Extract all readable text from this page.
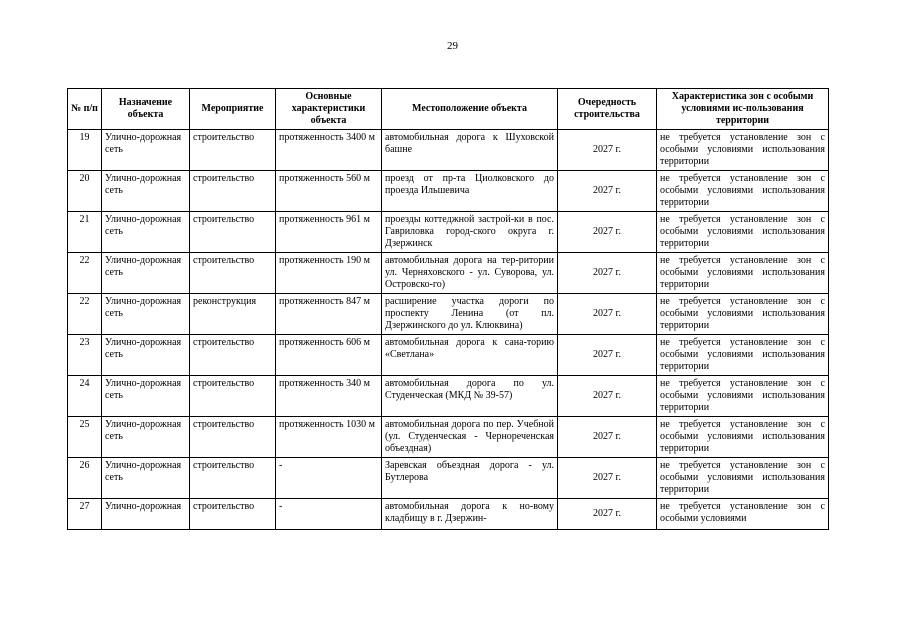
29
№ п/п	Назначение объекта	Мероприятие	Основные характеристики объекта	Местоположение объекта	Очередность строительства	Характеристика зон с особыми условиями ис-пользования территории
19	Улично-дорожная сеть	строительство	протяженность 3400 м	автомобильная дорога к Шуховской башне	2027 г.	не требуется установление зон с особыми условиями использования территории
20	Улично-дорожная сеть	строительство	протяженность 560 м	проезд от пр-та Циолковского до проезда Ильшевича	2027 г.	не требуется установление зон с особыми условиями использования территории
21	Улично-дорожная сеть	строительство	протяженность 961 м	проезды коттеджной застрой-ки в пос. Гавриловка город-ского округа г. Дзержинск	2027 г.	не требуется установление зон с особыми условиями использования территории
22	Улично-дорожная сеть	строительство	протяженность 190 м	автомобильная дорога на тер-ритории ул. Черняховского - ул. Суворова, ул. Островско-го)	2027 г.	не требуется установление зон с особыми условиями использования территории
22	Улично-дорожная сеть	реконструкция	протяженность 847 м	расширение участка дороги по проспекту Ленина (от пл. Дзержинского до ул. Клюквина)	2027 г.	не требуется установление зон с особыми условиями использования территории
23	Улично-дорожная сеть	строительство	протяженность 606 м	автомобильная дорога к сана-торию «Светлана»	2027 г.	не требуется установление зон с особыми условиями использования территории
24	Улично-дорожная сеть	строительство	протяженность 340 м	автомобильная дорога по ул. Студенческая (МКД № 39-57)	2027 г.	не требуется установление зон с особыми условиями использования территории
25	Улично-дорожная сеть	строительство	протяженность 1030 м	автомобильная дорога по пер. Учебной (ул. Студенческая - Чернореченская объездная)	2027 г.	не требуется установление зон с особыми условиями использования территории
26	Улично-дорожная сеть	строительство	-	Заревская объездная дорога - ул. Бутлерова	2027 г.	не требуется установление зон с особыми условиями использования территории
27	Улично-дорожная	строительство	-	автомобильная дорога к но-вому кладбищу в г. Дзержин-	2027 г.	не требуется установление зон с особыми условиями
